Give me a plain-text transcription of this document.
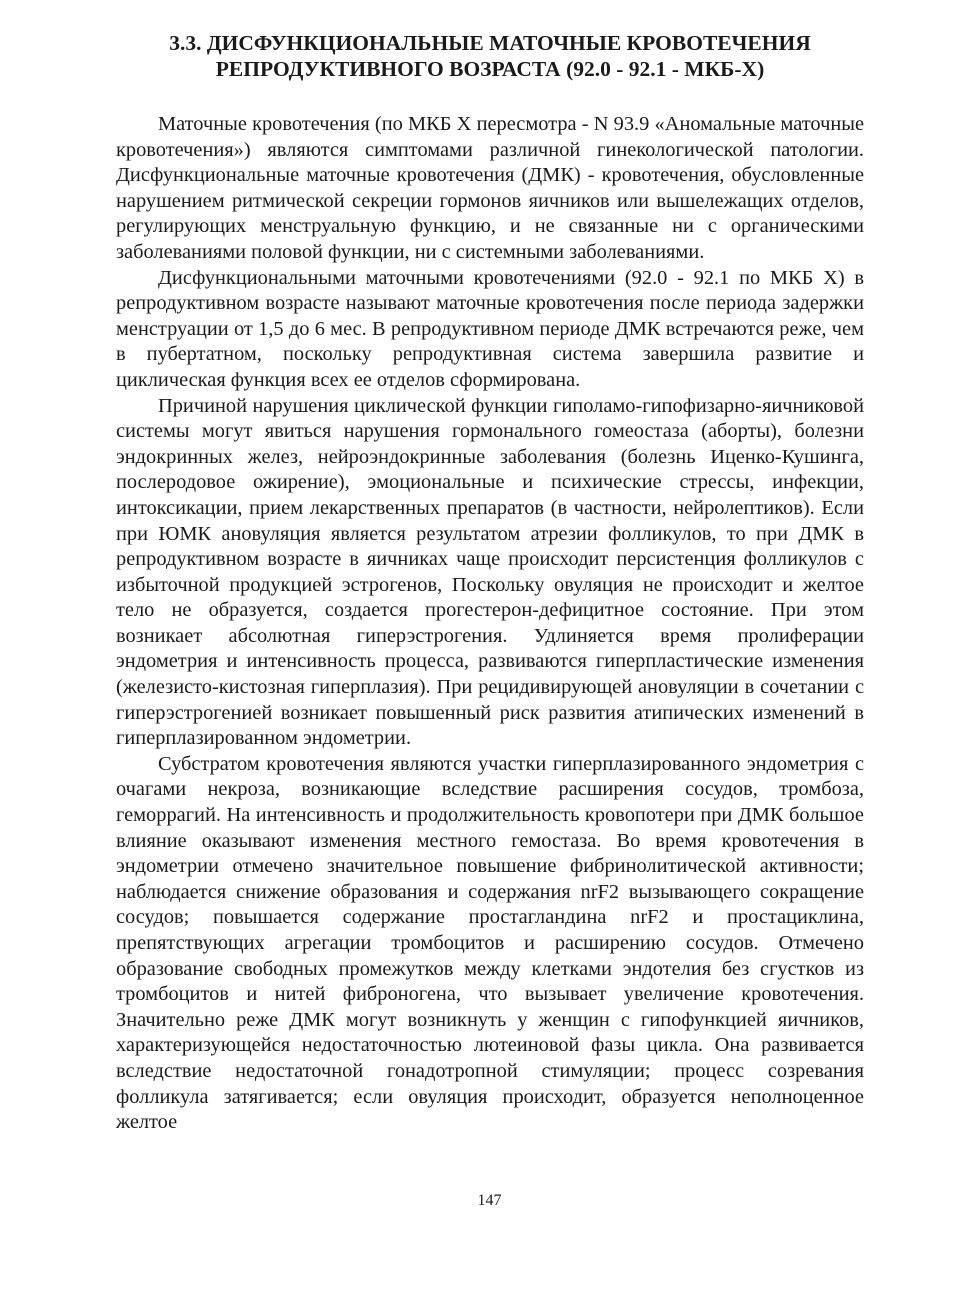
3.3. ДИСФУНКЦИОНАЛЬНЫЕ МАТОЧНЫЕ КРОВОТЕЧЕНИЯ
РЕПРОДУКТИВНОГО ВОЗРАСТА (92.0 - 92.1 - МКБ-Х)

Маточные кровотечения (по МКБ X пересмотра - N 93.9 «Аномальные маточные кровотечения») являются симптомами различной гинекологической патологии. Дисфункциональные маточные кровотечения (ДМК) - кровотечения, обусловленные нарушением ритмической секреции гормонов яичников или вышележащих отделов, регулирующих менструальную функцию, и не связанные ни с органическими заболеваниями половой функции, ни с системными заболеваниями.

Дисфункциональными маточными кровотечениями (92.0 - 92.1 по МКБ X) в репродуктивном возрасте называют маточные кровотечения после периода задержки менструации от 1,5 до 6 мес. В репродуктивном периоде ДМК встречаются реже, чем в пубертатном, поскольку репродуктивная система завершила развитие и циклическая функция всех ее отделов сформирована.

Причиной нарушения циклической функции гиполамо-гипофизарно-яичниковой системы могут явиться нарушения гормонального гомеостаза (аборты), болезни эндокринных желез, нейроэндокринные заболевания (болезнь Иценко-Кушинга, послеродовое ожирение), эмоциональные и психические стрессы, инфекции, интоксикации, прием лекарственных препаратов (в частности, нейролептиков). Если при ЮМК ановуляция является результатом атрезии фолликулов, то при ДМК в репродуктивном возрасте в яичниках чаще происходит персистенция фолликулов с избыточной продукцией эстрогенов, Поскольку овуляция не происходит и желтое тело не образуется, создается прогестерон-дефицитное состояние. При этом возникает абсолютная гиперэстрогения. Удлиняется время пролиферации эндометрия и интенсивность процесса, развиваются гиперпластические изменения (железисто-кистозная гиперплазия). При рецидивирующей ановуляции в сочетании с гиперэстрогенией возникает повышенный риск развития атипических изменений в гиперплазированном эндометрии.

Субстратом кровотечения являются участки гиперплазированного эндометрия с очагами некроза, возникающие вследствие расширения сосудов, тромбоза, геморрагий. На интенсивность и продолжительность кровопотери при ДМК большое влияние оказывают изменения местного гемостаза. Во время кровотечения в эндометрии отмечено значительное повышение фибринолитической активности; наблюдается снижение образования и содержания nrF2 вызывающего сокращение сосудов; повышается содержание простагландина nrF2 и простациклина, препятствующих агрегации тромбоцитов и расширению сосудов. Отмечено образование свободных промежутков между клетками эндотелия без сгустков из тромбоцитов и нитей фиброногена, что вызывает увеличение кровотечения. Значительно реже ДМК могут возникнуть у женщин с гипофункцией яичников, характеризующейся недостаточностью лютеиновой фазы цикла. Она развивается вследствие недостаточной гонадотропной стимуляции; процесс созревания фолликула затягивается; если овуляция происходит, образуется неполноценное желтое

147
